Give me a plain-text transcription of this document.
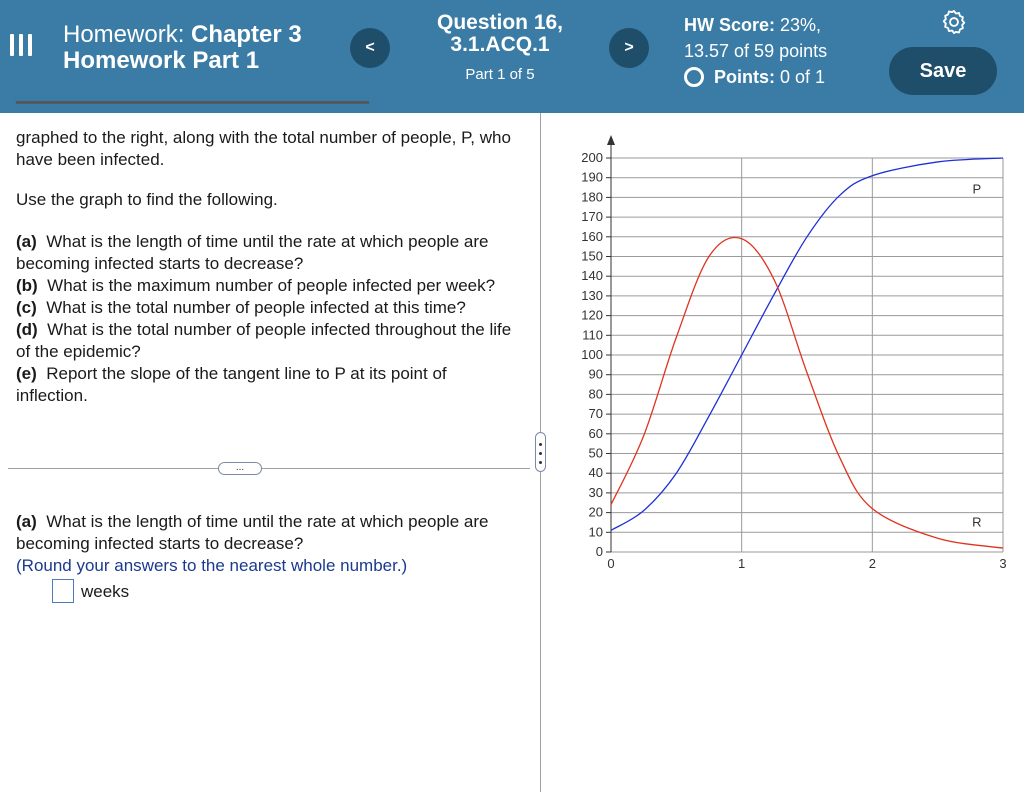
Homework: Chapter 3 Homework Part 1	<
Question 16, 3.1.ACQ.1
Part 1 of 5
>
HW Score: 23%,
13.57 of 59 points
Points: 0 of 1	Save
▔▔▔▔▔▔▔▔▔▔▔▔▔▔▔▔▔▔▔▔▔▔▔▔▔▔▔
graphed to the right, along with the total number of people, P, who have been infected.
Use the graph to find the following.
(a) What is the length of time until the rate at which people are becoming infected starts to decrease?
(b) What is the maximum number of people infected per week?
(c) What is the total number of people infected at this time?
(d) What is the total number of people infected throughout the life of the epidemic?
(e) Report the slope of the tangent line to P at its point of inflection.
...
(a) What is the length of time until the rate at which people are becoming infected starts to decrease?
(Round your answers to the nearest whole number.)
weeks
0
10
20
30
40
50
60
70
80
90
100
110
120
130
140
150
160
170
180
190
200
0	1	2	3
P
R
